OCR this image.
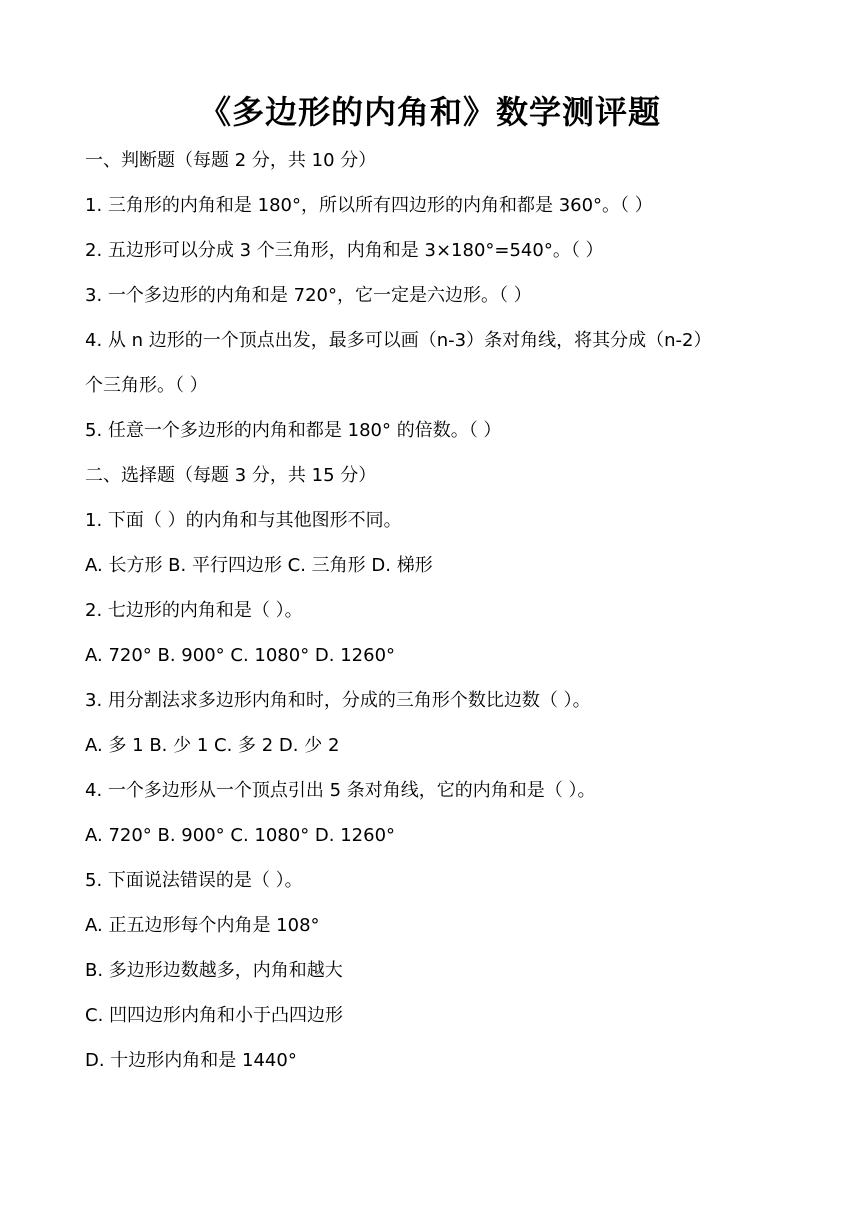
《多边形的内角和》数学测评题
一、判断题（每题 2 分，共 10 分）
1. 三角形的内角和是 180°，所以所有四边形的内角和都是 360°。（ ）
2. 五边形可以分成 3 个三角形，内角和是 3×180°=540°。（ ）
3. 一个多边形的内角和是 720°，它一定是六边形。（ ）
4. 从 n 边形的一个顶点出发，最多可以画（n-3）条对角线，将其分成（n-2）
个三角形。（ ）
5. 任意一个多边形的内角和都是 180° 的倍数。（ ）
二、选择题（每题 3 分，共 15 分）
1. 下面（ ）的内角和与其他图形不同。
A. 长方形 B. 平行四边形 C. 三角形 D. 梯形
2. 七边形的内角和是（ ）。
A. 720° B. 900° C. 1080° D. 1260°
3. 用分割法求多边形内角和时，分成的三角形个数比边数（ ）。
A. 多 1 B. 少 1 C. 多 2 D. 少 2
4. 一个多边形从一个顶点引出 5 条对角线，它的内角和是（ ）。
A. 720° B. 900° C. 1080° D. 1260°
5. 下面说法错误的是（ ）。
A. 正五边形每个内角是 108°
B. 多边形边数越多，内角和越大
C. 凹四边形内角和小于凸四边形
D. 十边形内角和是 1440°
